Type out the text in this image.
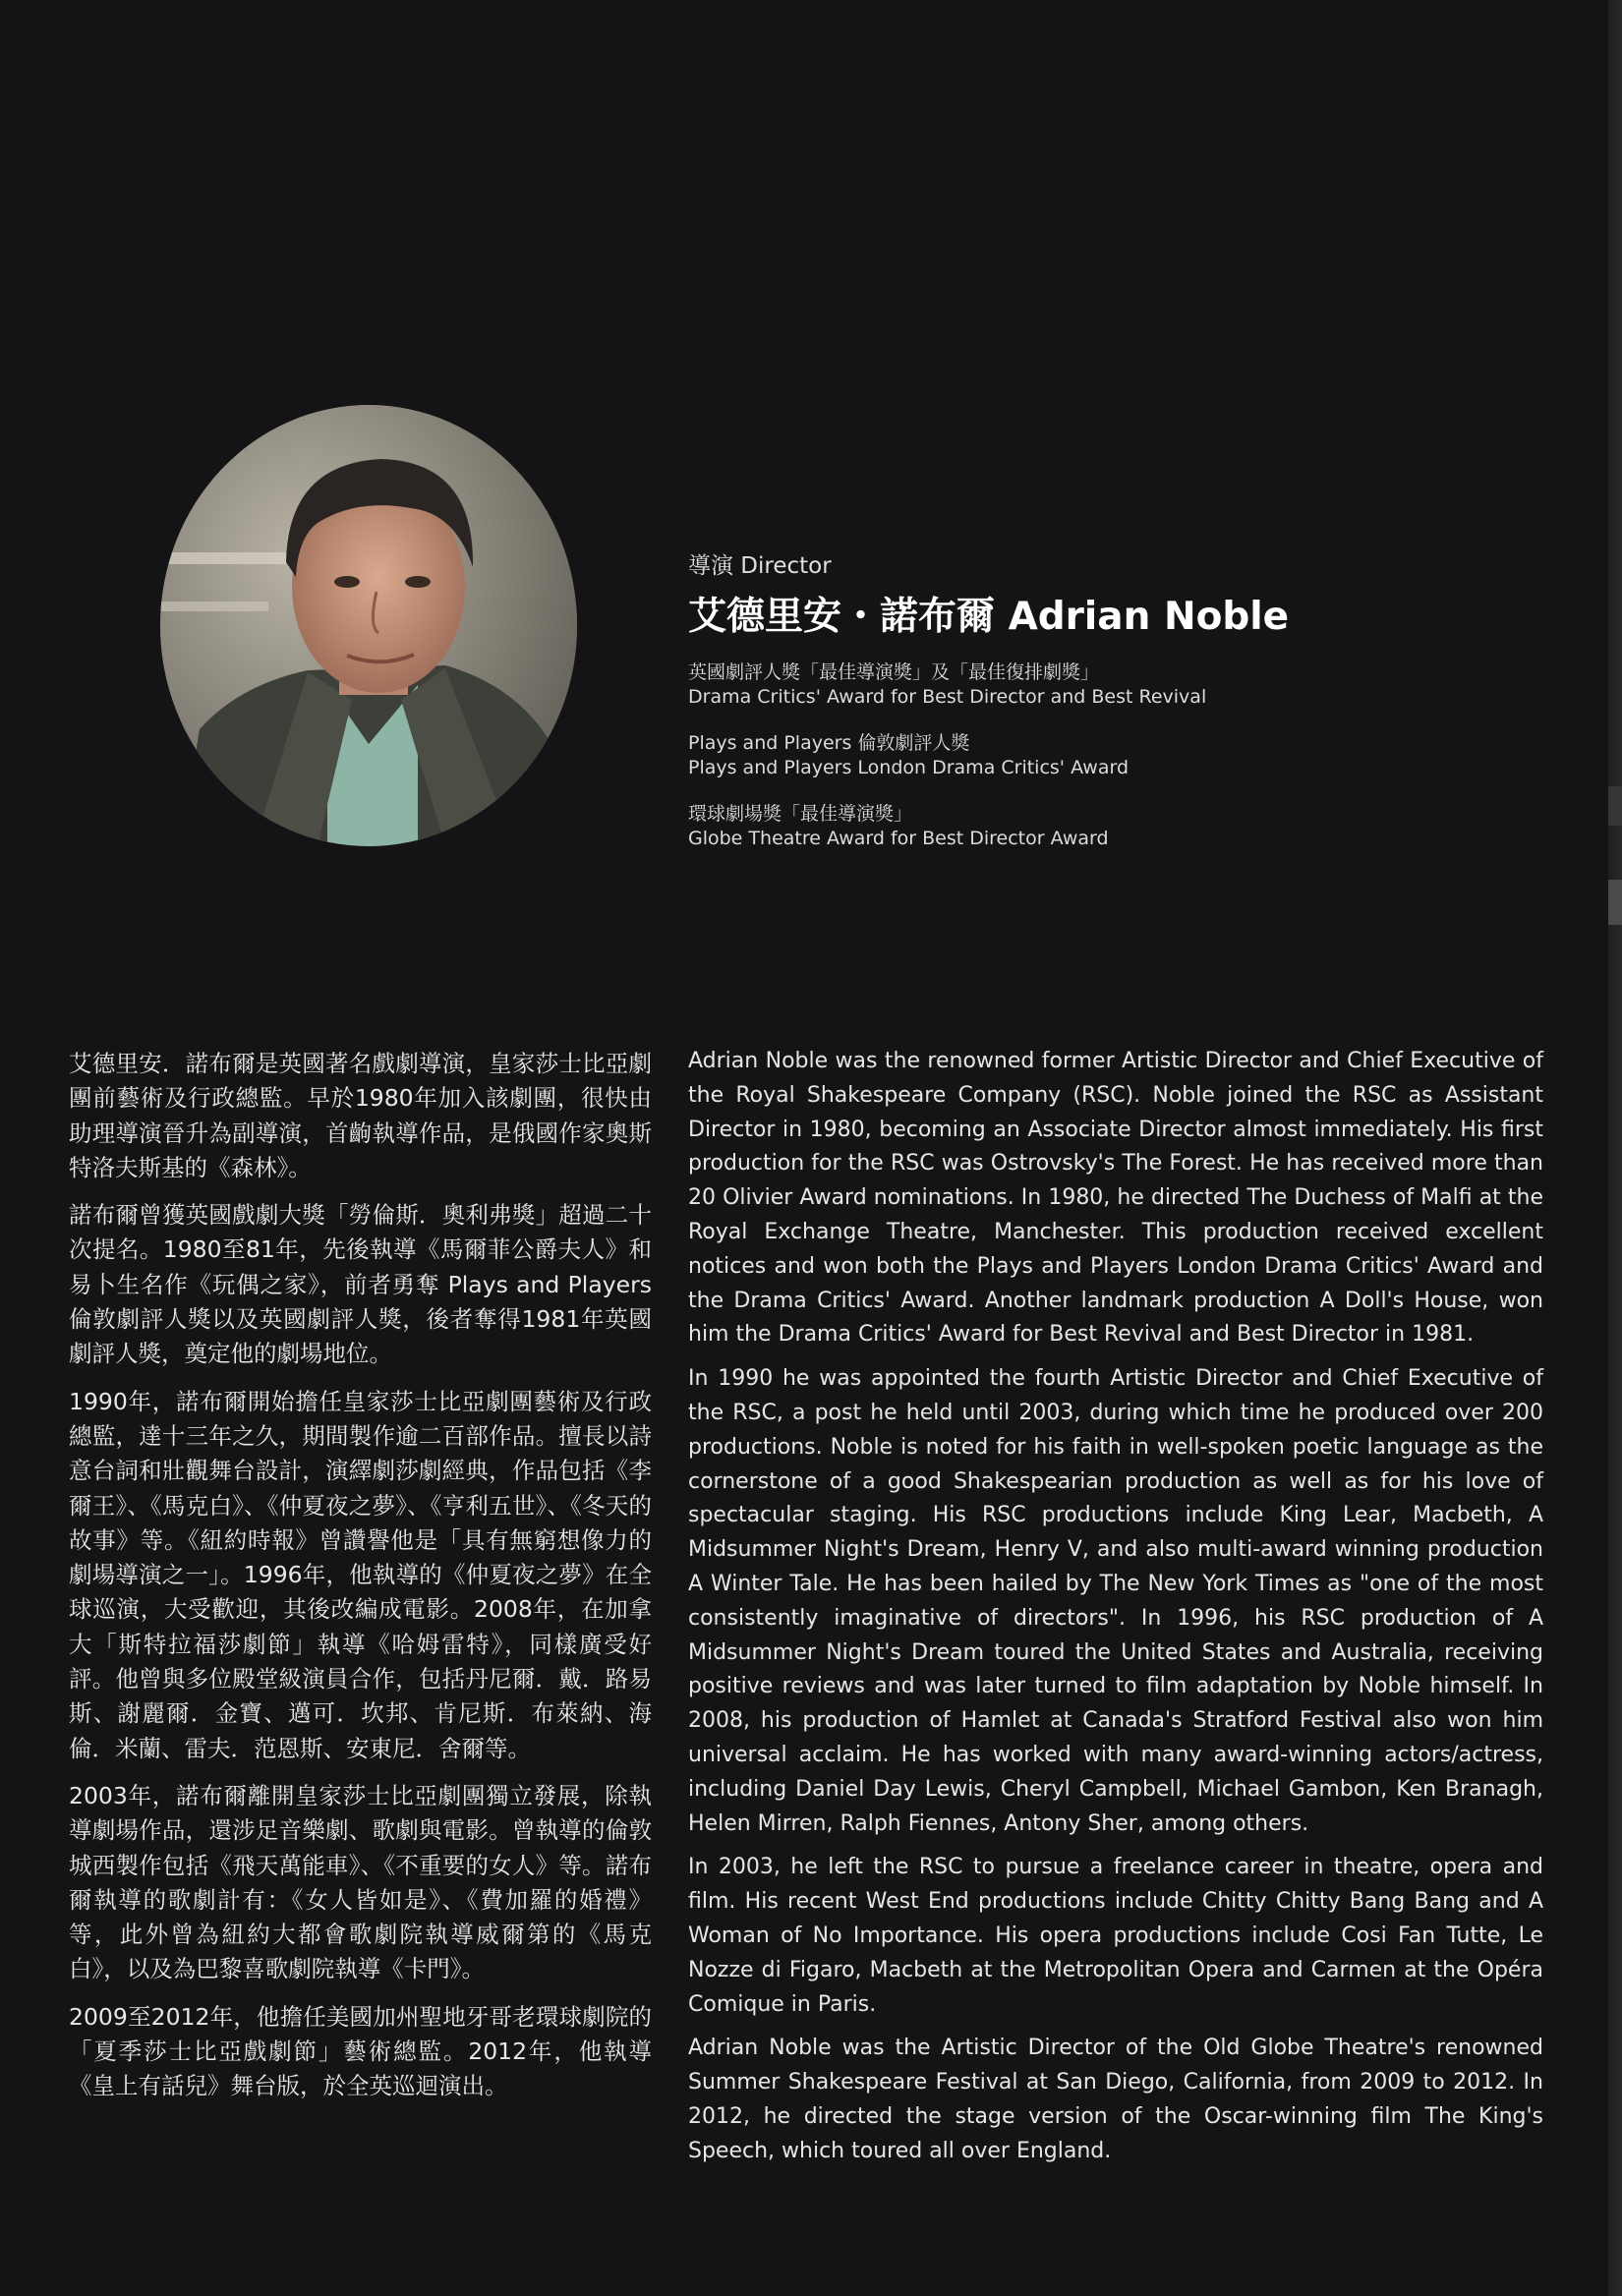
導演 Director
艾德里安・諾布爾 Adrian Noble
英國劇評人獎「最佳導演獎」及「最佳復排劇獎」
Drama Critics' Award for Best Director and Best Revival
Plays and Players 倫敦劇評人獎
Plays and Players London Drama Critics' Award
環球劇場獎「最佳導演獎」
Globe Theatre Award for Best Director Award

艾德里安．諾布爾是英國著名戲劇導演，皇家莎士比亞劇團前藝術及行政總監。早於1980年加入該劇團，很快由助理導演晉升為副導演，首齣執導作品，是俄國作家奧斯特洛夫斯基的《森林》。

諾布爾曾獲英國戲劇大獎「勞倫斯．奧利弗獎」超過二十次提名。1980至81年，先後執導《馬爾菲公爵夫人》和易卜生名作《玩偶之家》，前者勇奪 Plays and Players 倫敦劇評人獎以及英國劇評人獎，後者奪得1981年英國劇評人獎，奠定他的劇場地位。

1990年，諾布爾開始擔任皇家莎士比亞劇團藝術及行政總監，達十三年之久，期間製作逾二百部作品。擅長以詩意台詞和壯觀舞台設計，演繹劇莎劇經典，作品包括《李爾王》、《馬克白》、《仲夏夜之夢》、《亨利五世》、《冬天的故事》等。《紐約時報》曾讚譽他是「具有無窮想像力的劇場導演之一」。1996年，他執導的《仲夏夜之夢》在全球巡演，大受歡迎，其後改編成電影。2008年，在加拿大「斯特拉福莎劇節」執導《哈姆雷特》，同樣廣受好評。他曾與多位殿堂級演員合作，包括丹尼爾．戴．路易斯、謝麗爾．金寶、邁可．坎邦、肯尼斯．布萊納、海倫．米蘭、雷夫．范恩斯、安東尼．舍爾等。

2003年，諾布爾離開皇家莎士比亞劇團獨立發展，除執導劇場作品，還涉足音樂劇、歌劇與電影。曾執導的倫敦城西製作包括《飛天萬能車》、《不重要的女人》等。諾布爾執導的歌劇計有：《女人皆如是》、《費加羅的婚禮》等，此外曾為紐約大都會歌劇院執導威爾第的《馬克白》，以及為巴黎喜歌劇院執導《卡門》。

2009至2012年，他擔任美國加州聖地牙哥老環球劇院的「夏季莎士比亞戲劇節」藝術總監。2012年，他執導《皇上有話兒》舞台版，於全英巡迴演出。

Adrian Noble was the renowned former Artistic Director and Chief Executive of the Royal Shakespeare Company (RSC). Noble joined the RSC as Assistant Director in 1980, becoming an Associate Director almost immediately. His first production for the RSC was Ostrovsky's The Forest. He has received more than 20 Olivier Award nominations. In 1980, he directed The Duchess of Malfi at the Royal Exchange Theatre, Manchester. This production received excellent notices and won both the Plays and Players London Drama Critics' Award and the Drama Critics' Award. Another landmark production A Doll's House, won him the Drama Critics' Award for Best Revival and Best Director in 1981.

In 1990 he was appointed the fourth Artistic Director and Chief Executive of the RSC, a post he held until 2003, during which time he produced over 200 productions. Noble is noted for his faith in well-spoken poetic language as the cornerstone of a good Shakespearian production as well as for his love of spectacular staging. His RSC productions include King Lear, Macbeth, A Midsummer Night's Dream, Henry V, and also multi-award winning production A Winter Tale. He has been hailed by The New York Times as "one of the most consistently imaginative of directors". In 1996, his RSC production of A Midsummer Night's Dream toured the United States and Australia, receiving positive reviews and was later turned to film adaptation by Noble himself. In 2008, his production of Hamlet at Canada's Stratford Festival also won him universal acclaim. He has worked with many award-winning actors/actress, including Daniel Day Lewis, Cheryl Campbell, Michael Gambon, Ken Branagh, Helen Mirren, Ralph Fiennes, Antony Sher, among others.

In 2003, he left the RSC to pursue a freelance career in theatre, opera and film. His recent West End productions include Chitty Chitty Bang Bang and A Woman of No Importance. His opera productions include Cosi Fan Tutte, Le Nozze di Figaro, Macbeth at the Metropolitan Opera and Carmen at the Opéra Comique in Paris.

Adrian Noble was the Artistic Director of the Old Globe Theatre's renowned Summer Shakespeare Festival at San Diego, California, from 2009 to 2012. In 2012, he directed the stage version of the Oscar-winning film The King's Speech, which toured all over England.
